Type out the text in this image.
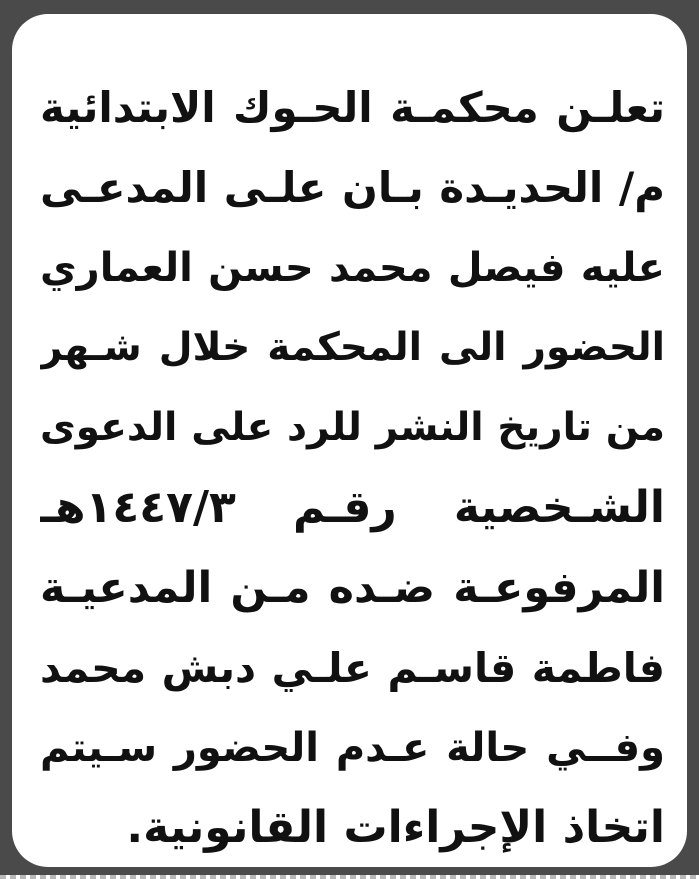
تعلـن محكمـة الحـوك الابتدائية
م/ الحديـدة بـان علـى المدعـى
عليه فيصل محمد حسن العماري
الحضور الى المحكمة خلال شـهر
من تاريخ النشر للرد على الدعوى
الشـخصية رقـم ١٤٤٧/٣هـ
المرفوعـة ضـده مـن المدعيـة
فاطمة قاسـم علـي دبش محمد
وفــي حالة عـدم الحضور سـيتم
اتخاذ الإجراءات القانونية.
